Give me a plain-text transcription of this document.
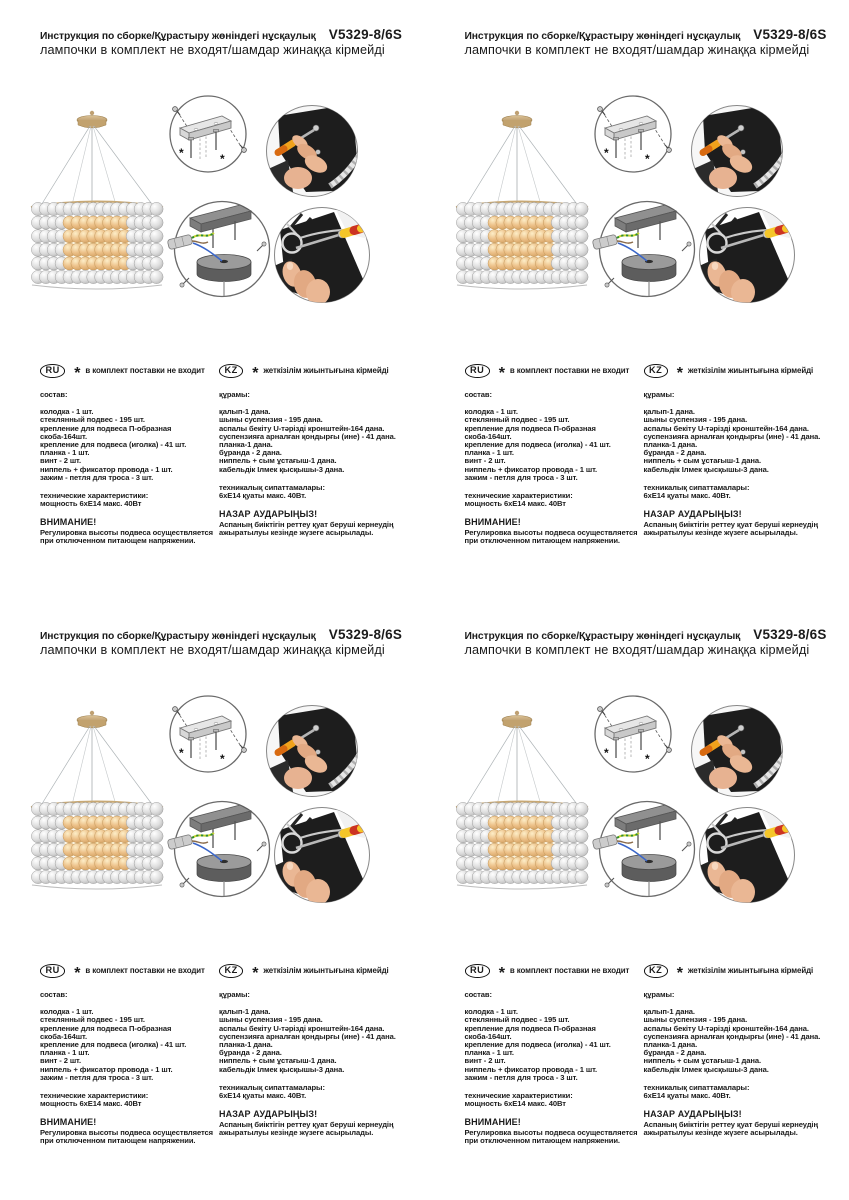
Инструкция по сборке/Құрастыру жөніндегі нұсқаулық V5329-8/6S
лампочки в комплект не входят/шамдар жинаққа кірмейді
*	*
RU * в комплект поставки не входит
состав:
колодка - 1 шт.
стеклянный подвес - 195 шт.
крепление для подвеса П-образная скоба-164шт.
крепление для подвеса (иголка) - 41 шт.
планка - 1 шт.
винт - 2 шт.
ниппель + фиксатор провода - 1 шт.
зажим - петля для троса - 3 шт.
технические характеристики:
мощность 6хЕ14 макс. 40Вт
ВНИМАНИЕ!
Регулировка высоты подвеса осуществляется
при отключенном питающем напряжении.
KZ * жеткізілім жиынтығына кірмейді
құрамы:
қалып-1 дана.
шыны суспензия - 195 дана.
аспалы бекіту U-тәрізді кронштейн-164 дана.
суспензияға арналған қондырғы (ине) - 41 дана.
планка-1 дана.
бұранда - 2 дана.
ниппель + сым ұстағыш-1 дана.
кабельдік Ілмек қысқышы-3 дана.
техникалық сипаттамалары:
6хЕ14 қуаты макс. 40Вт.
НАЗАР АУДАРЫҢЫЗ!
Аспаның биіктігін реттеу қуат беруші кернеудің
ажыратылуы кезінде жүзеге асырылады.
Инструкция по сборке/Құрастыру жөніндегі нұсқаулық V5329-8/6S
лампочки в комплект не входят/шамдар жинаққа кірмейді
*	*
RU * в комплект поставки не входит
состав:
колодка - 1 шт.
стеклянный подвес - 195 шт.
крепление для подвеса П-образная скоба-164шт.
крепление для подвеса (иголка) - 41 шт.
планка - 1 шт.
винт - 2 шт.
ниппель + фиксатор провода - 1 шт.
зажим - петля для троса - 3 шт.
технические характеристики:
мощность 6хЕ14 макс. 40Вт
ВНИМАНИЕ!
Регулировка высоты подвеса осуществляется
при отключенном питающем напряжении.
KZ * жеткізілім жиынтығына кірмейді
құрамы:
қалып-1 дана.
шыны суспензия - 195 дана.
аспалы бекіту U-тәрізді кронштейн-164 дана.
суспензияға арналған қондырғы (ине) - 41 дана.
планка-1 дана.
бұранда - 2 дана.
ниппель + сым ұстағыш-1 дана.
кабельдік Ілмек қысқышы-3 дана.
техникалық сипаттамалары:
6хЕ14 қуаты макс. 40Вт.
НАЗАР АУДАРЫҢЫЗ!
Аспаның биіктігін реттеу қуат беруші кернеудің
ажыратылуы кезінде жүзеге асырылады.
Инструкция по сборке/Құрастыру жөніндегі нұсқаулық V5329-8/6S
лампочки в комплект не входят/шамдар жинаққа кірмейді
*	*
RU * в комплект поставки не входит
состав:
колодка - 1 шт.
стеклянный подвес - 195 шт.
крепление для подвеса П-образная скоба-164шт.
крепление для подвеса (иголка) - 41 шт.
планка - 1 шт.
винт - 2 шт.
ниппель + фиксатор провода - 1 шт.
зажим - петля для троса - 3 шт.
технические характеристики:
мощность 6хЕ14 макс. 40Вт
ВНИМАНИЕ!
Регулировка высоты подвеса осуществляется
при отключенном питающем напряжении.
KZ * жеткізілім жиынтығына кірмейді
құрамы:
қалып-1 дана.
шыны суспензия - 195 дана.
аспалы бекіту U-тәрізді кронштейн-164 дана.
суспензияға арналған қондырғы (ине) - 41 дана.
планка-1 дана.
бұранда - 2 дана.
ниппель + сым ұстағыш-1 дана.
кабельдік Ілмек қысқышы-3 дана.
техникалық сипаттамалары:
6хЕ14 қуаты макс. 40Вт.
НАЗАР АУДАРЫҢЫЗ!
Аспаның биіктігін реттеу қуат беруші кернеудің
ажыратылуы кезінде жүзеге асырылады.
Инструкция по сборке/Құрастыру жөніндегі нұсқаулық V5329-8/6S
лампочки в комплект не входят/шамдар жинаққа кірмейді
*	*
RU * в комплект поставки не входит
состав:
колодка - 1 шт.
стеклянный подвес - 195 шт.
крепление для подвеса П-образная скоба-164шт.
крепление для подвеса (иголка) - 41 шт.
планка - 1 шт.
винт - 2 шт.
ниппель + фиксатор провода - 1 шт.
зажим - петля для троса - 3 шт.
технические характеристики:
мощность 6хЕ14 макс. 40Вт
ВНИМАНИЕ!
Регулировка высоты подвеса осуществляется
при отключенном питающем напряжении.
KZ * жеткізілім жиынтығына кірмейді
құрамы:
қалып-1 дана.
шыны суспензия - 195 дана.
аспалы бекіту U-тәрізді кронштейн-164 дана.
суспензияға арналған қондырғы (ине) - 41 дана.
планка-1 дана.
бұранда - 2 дана.
ниппель + сым ұстағыш-1 дана.
кабельдік Ілмек қысқышы-3 дана.
техникалық сипаттамалары:
6хЕ14 қуаты макс. 40Вт.
НАЗАР АУДАРЫҢЫЗ!
Аспаның биіктігін реттеу қуат беруші кернеудің
ажыратылуы кезінде жүзеге асырылады.
